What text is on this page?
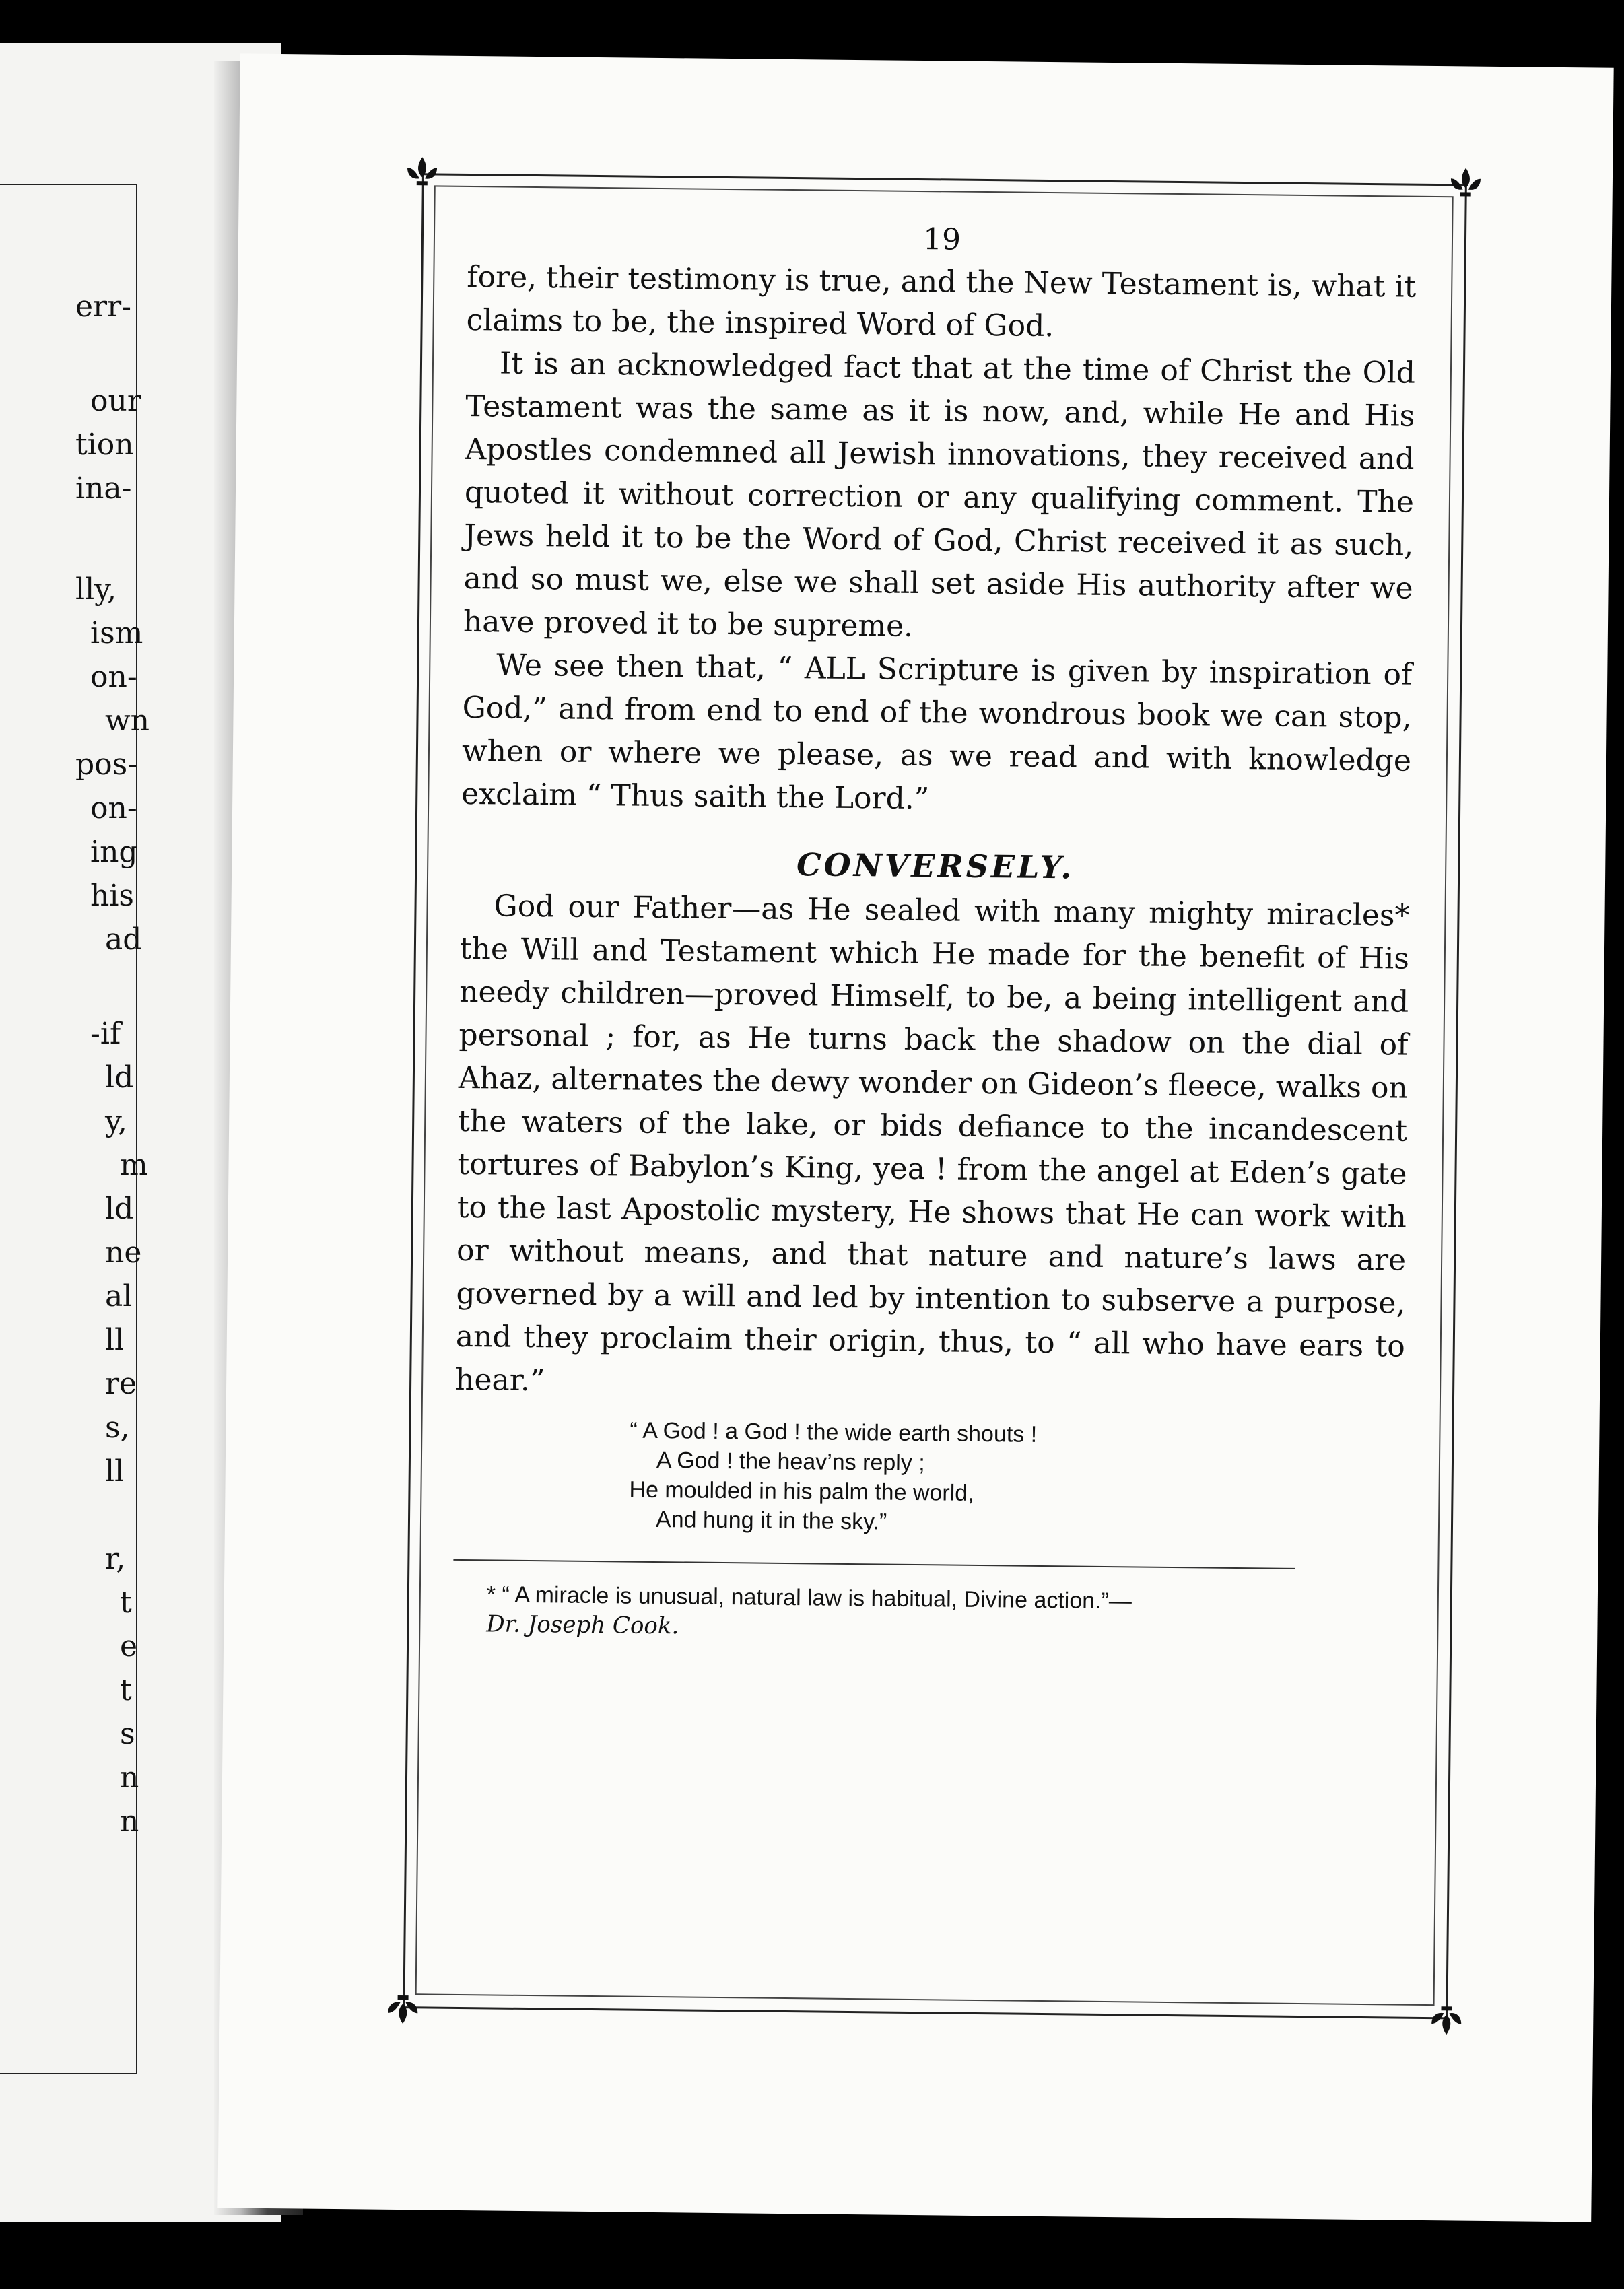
err-
our
tion
ina-
lly,
ism
on-
wn
pos-
on-
ing
his
ad
-if
ld
y,
m
ld
ne
al
ll
re
s,
ll
r,
t
e
t
s
n
n
19

fore, their testimony is true, and the New Testament is, what it claims to be, the inspired Word of God.

It is an acknowledged fact that at the time of Christ the Old Testament was the same as it is now, and, while He and His Apostles condemned all Jewish innovations, they received and quoted it without correction or any qualifying comment. The Jews held it to be the Word of God, Christ received it as such, and so must we, else we shall set aside His authority after we have proved it to be supreme.

We see then that, “ ALL Scripture is given by inspiration of God,” and from end to end of the wondrous book we can stop, when or where we please, as we read and with knowledge exclaim “ Thus saith the Lord.”

CONVERSELY.

God our Father—as He sealed with many mighty miracles* the Will and Testament which He made for the benefit of His needy children—proved Himself, to be, a being intelligent and personal ; for, as He turns back the shadow on the dial of Ahaz, alternates the dewy wonder on Gideon’s fleece, walks on the waters of the lake, or bids defiance to the incandescent tortures of Babylon’s King, yea ! from the angel at Eden’s gate to the last Apostolic mystery, He shows that He can work with or without means, and that nature and nature’s laws are governed by a will and led by intention to subserve a purpose, and they proclaim their origin, thus, to “ all who have ears to hear.”

“ A God ! a God ! the wide earth shouts !
A God ! the heav’ns reply ;
He moulded in his palm the world,
And hung it in the sky.”
* “ A miracle is unusual, natural law is habitual, Divine action.”—
Dr. Joseph Cook.
